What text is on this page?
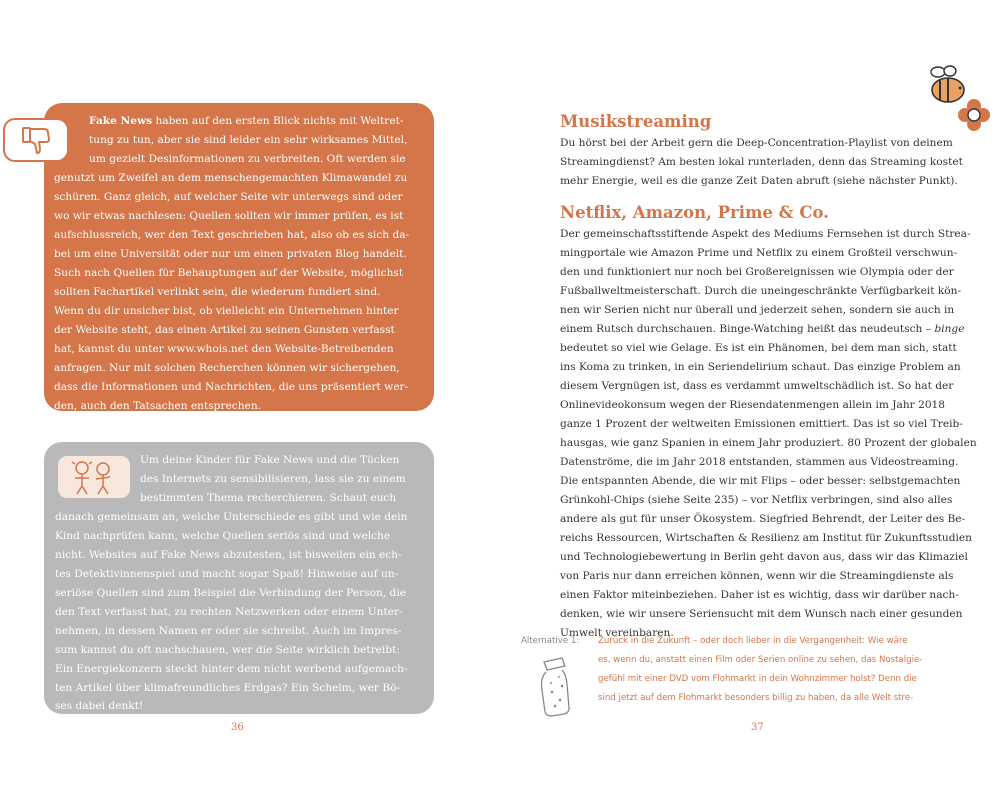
Fake News haben auf den ersten Blick nichts mit Weltret-
tung zu tun, aber sie sind leider ein sehr wirksames Mittel,
um gezielt Desinformationen zu verbreiten. Oft werden sie
genutzt um Zweifel an dem menschengemachten Klimawandel zu
schüren. Ganz gleich, auf welcher Seite wir unterwegs sind oder
wo wir etwas nachlesen: Quellen sollten wir immer prüfen, es ist
aufschlussreich, wer den Text geschrieben hat, also ob es sich da-
bei um eine Universität oder nur um einen privaten Blog handelt.
Such nach Quellen für Behauptungen auf der Website, möglichst
sollten Fachartikel verlinkt sein, die wiederum fundiert sind.
Wenn du dir unsicher bist, ob vielleicht ein Unternehmen hinter
der Website steht, das einen Artikel zu seinen Gunsten verfasst
hat, kannst du unter www.whois.net den Website-Betreibenden
anfragen. Nur mit solchen Recherchen können wir sichergehen,
dass die Informationen und Nachrichten, die uns präsentiert wer-
den, auch den Tatsachen entsprechen.
Um deine Kinder für Fake News und die Tücken
des Internets zu sensibilisieren, lass sie zu einem
bestimmten Thema recherchieren. Schaut euch
danach gemeinsam an, welche Unterschiede es gibt und wie dein
Kind nachprüfen kann, welche Quellen seriös sind und welche
nicht. Websites auf Fake News abzutesten, ist bisweilen ein ech-
tes Detektivinnenspiel und macht sogar Spaß! Hinweise auf un-
seriöse Quellen sind zum Beispiel die Verbindung der Person, die
den Text verfasst hat, zu rechten Netzwerken oder einem Unter-
nehmen, in dessen Namen er oder sie schreibt. Auch im Impres-
sum kannst du oft nachschauen, wer die Seite wirklich betreibt:
Ein Energiekonzern steckt hinter dem nicht werbend aufgemach-
ten Artikel über klimafreundliches Erdgas? Ein Schelm, wer Bö-
ses dabei denkt!
36
Musikstreaming
Du hörst bei der Arbeit gern die Deep-Concentration-Playlist von deinem
Streamingdienst? Am besten lokal runterladen, denn das Streaming kostet
mehr Energie, weil es die ganze Zeit Daten abruft (siehe nächster Punkt).
Netflix, Amazon, Prime & Co.
Der gemeinschaftsstiftende Aspekt des Mediums Fernsehen ist durch Strea-
mingportale wie Amazon Prime und Netflix zu einem Großteil verschwun-
den und funktioniert nur noch bei Großereignissen wie Olympia oder der
Fußballweltmeisterschaft. Durch die uneingeschränkte Verfügbarkeit kön-
nen wir Serien nicht nur überall und jederzeit sehen, sondern sie auch in
einem Rutsch durchschauen. Binge-Watching heißt das neudeutsch – binge
bedeutet so viel wie Gelage. Es ist ein Phänomen, bei dem man sich, statt
ins Koma zu trinken, in ein Seriendelirium schaut. Das einzige Problem an
diesem Vergnügen ist, dass es verdammt umweltschädlich ist. So hat der
Onlinevideokonsum wegen der Riesendatenmengen allein im Jahr 2018
ganze 1 Prozent der weltweiten Emissionen emittiert. Das ist so viel Treib-
hausgas, wie ganz Spanien in einem Jahr produziert. 80 Prozent der globalen
Datenströme, die im Jahr 2018 entstanden, stammen aus Videostreaming.
Die entspannten Abende, die wir mit Flips – oder besser: selbstgemachten
Grünkohl-Chips (siehe Seite 235) – vor Netflix verbringen, sind also alles
andere als gut für unser Ökosystem. Siegfried Behrendt, der Leiter des Be-
reichs Ressourcen, Wirtschaften & Resilienz am Institut für Zukunftsstudien
und Technologiebewertung in Berlin geht davon aus, dass wir das Klimaziel
von Paris nur dann erreichen können, wenn wir die Streamingdienste als
einen Faktor miteinbeziehen. Daher ist es wichtig, dass wir darüber nach-
denken, wie wir unsere Seriensucht mit dem Wunsch nach einer gesunden
Umwelt vereinbaren.
Alternative 1: Zurück in die Zukunft – oder doch lieber in die Vergangenheit: Wie wäre
es, wenn du, anstatt einen Film oder Serien online zu sehen, das Nostalgie-
gefühl mit einer DVD vom Flohmarkt in dein Wohnzimmer holst? Denn die
sind jetzt auf dem Flohmarkt besonders billig zu haben, da alle Welt stre-
37
